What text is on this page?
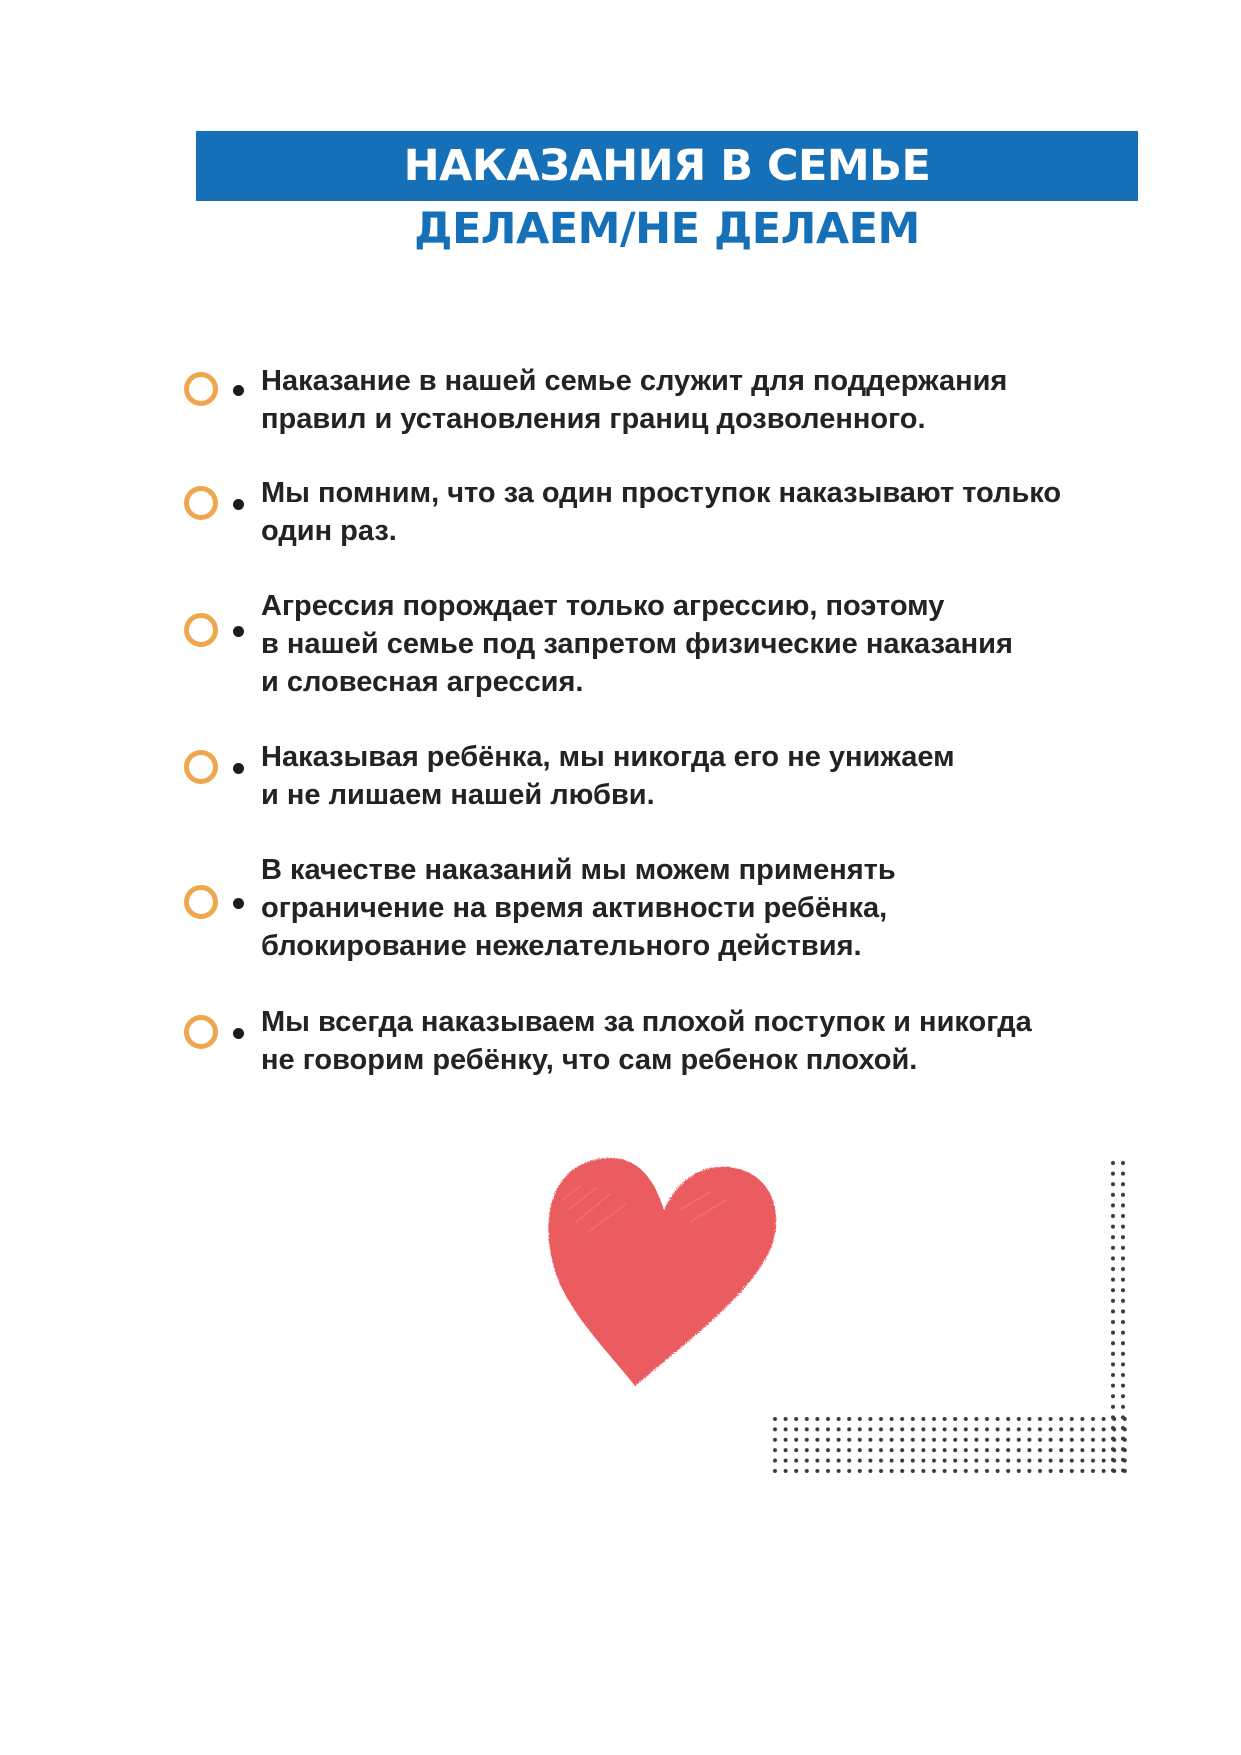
НАКАЗАНИЯ В СЕМЬЕ
ДЕЛАЕМ/НЕ ДЕЛАЕМ
Наказание в нашей семье служит для поддержания
правил и установления границ дозволенного.
Мы помним, что за один проступок наказывают только
один раз.
Агрессия порождает только агрессию, поэтому
в нашей семье под запретом физические наказания
и словесная агрессия.
Наказывая ребёнка, мы никогда его не унижаем
и не лишаем нашей любви.
В качестве наказаний мы можем применять
ограничение на время активности ребёнка,
блокирование нежелательного действия.
Мы всегда наказываем за плохой поступок и никогда
не говорим ребёнку, что сам ребенок плохой.
